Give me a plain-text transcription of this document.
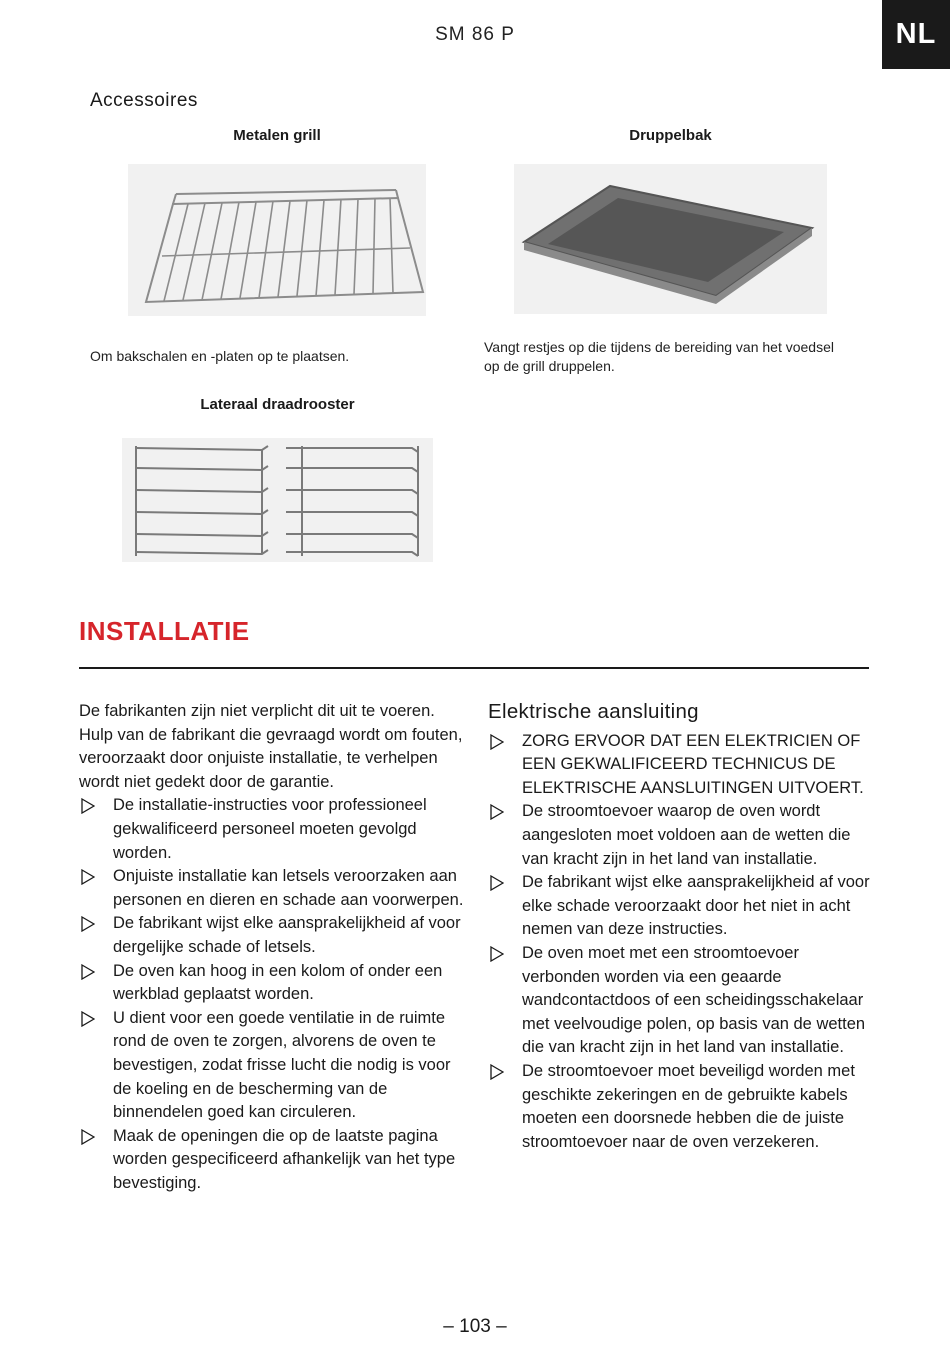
SM 86 P	NL
Accessoires
Metalen grill
Om bakschalen en -platen op te plaatsen.
Druppelbak
Vangt restjes op die tijdens de bereiding van het voedsel op de grill druppelen.
Lateraal draadrooster
INSTALLATIE

De fabrikanten zijn niet verplicht dit uit te voeren. Hulp van de fabrikant die gevraagd wordt om fouten, veroorzaakt door onjuiste installatie, te verhelpen wordt niet gedekt door de garantie.

De installatie-instructies voor professioneel gekwalificeerd personeel moeten gevolgd worden.
Onjuiste installatie kan letsels veroorzaken aan personen en dieren en schade aan voorwerpen.
De fabrikant wijst elke aansprakelijkheid af voor dergelijke schade of letsels.
De oven kan hoog in een kolom of onder een werkblad geplaatst worden.
U dient voor een goede ventilatie in de ruimte rond de oven te zorgen, alvorens de oven te bevestigen, zodat frisse lucht die nodig is voor de koeling en de bescherming van de binnendelen goed kan circuleren.
Maak de openingen die op de laatste pagina worden gespecificeerd afhankelijk van het type bevestiging.
Elektrische aansluiting
ZORG ERVOOR DAT EEN ELEKTRICIEN OF EEN GEKWALIFICEERD TECHNICUS DE ELEKTRISCHE AANSLUITINGEN UITVOERT.
De stroomtoevoer waarop de oven wordt aangesloten moet voldoen aan de wetten die van kracht zijn in het land van installatie.
De fabrikant wijst elke aansprakelijkheid af voor elke schade veroorzaakt door het niet in acht nemen van deze instructies.
De oven moet met een stroomtoevoer verbonden worden via een geaarde wandcontactdoos of een scheidingsschakelaar met veelvoudige polen, op basis van de wetten die van kracht zijn in het land van installatie.
De stroomtoevoer moet beveiligd worden met geschikte zekeringen en de gebruikte kabels moeten een doorsnede hebben die de juiste stroomtoevoer naar de oven verzekeren.
– 103 –
